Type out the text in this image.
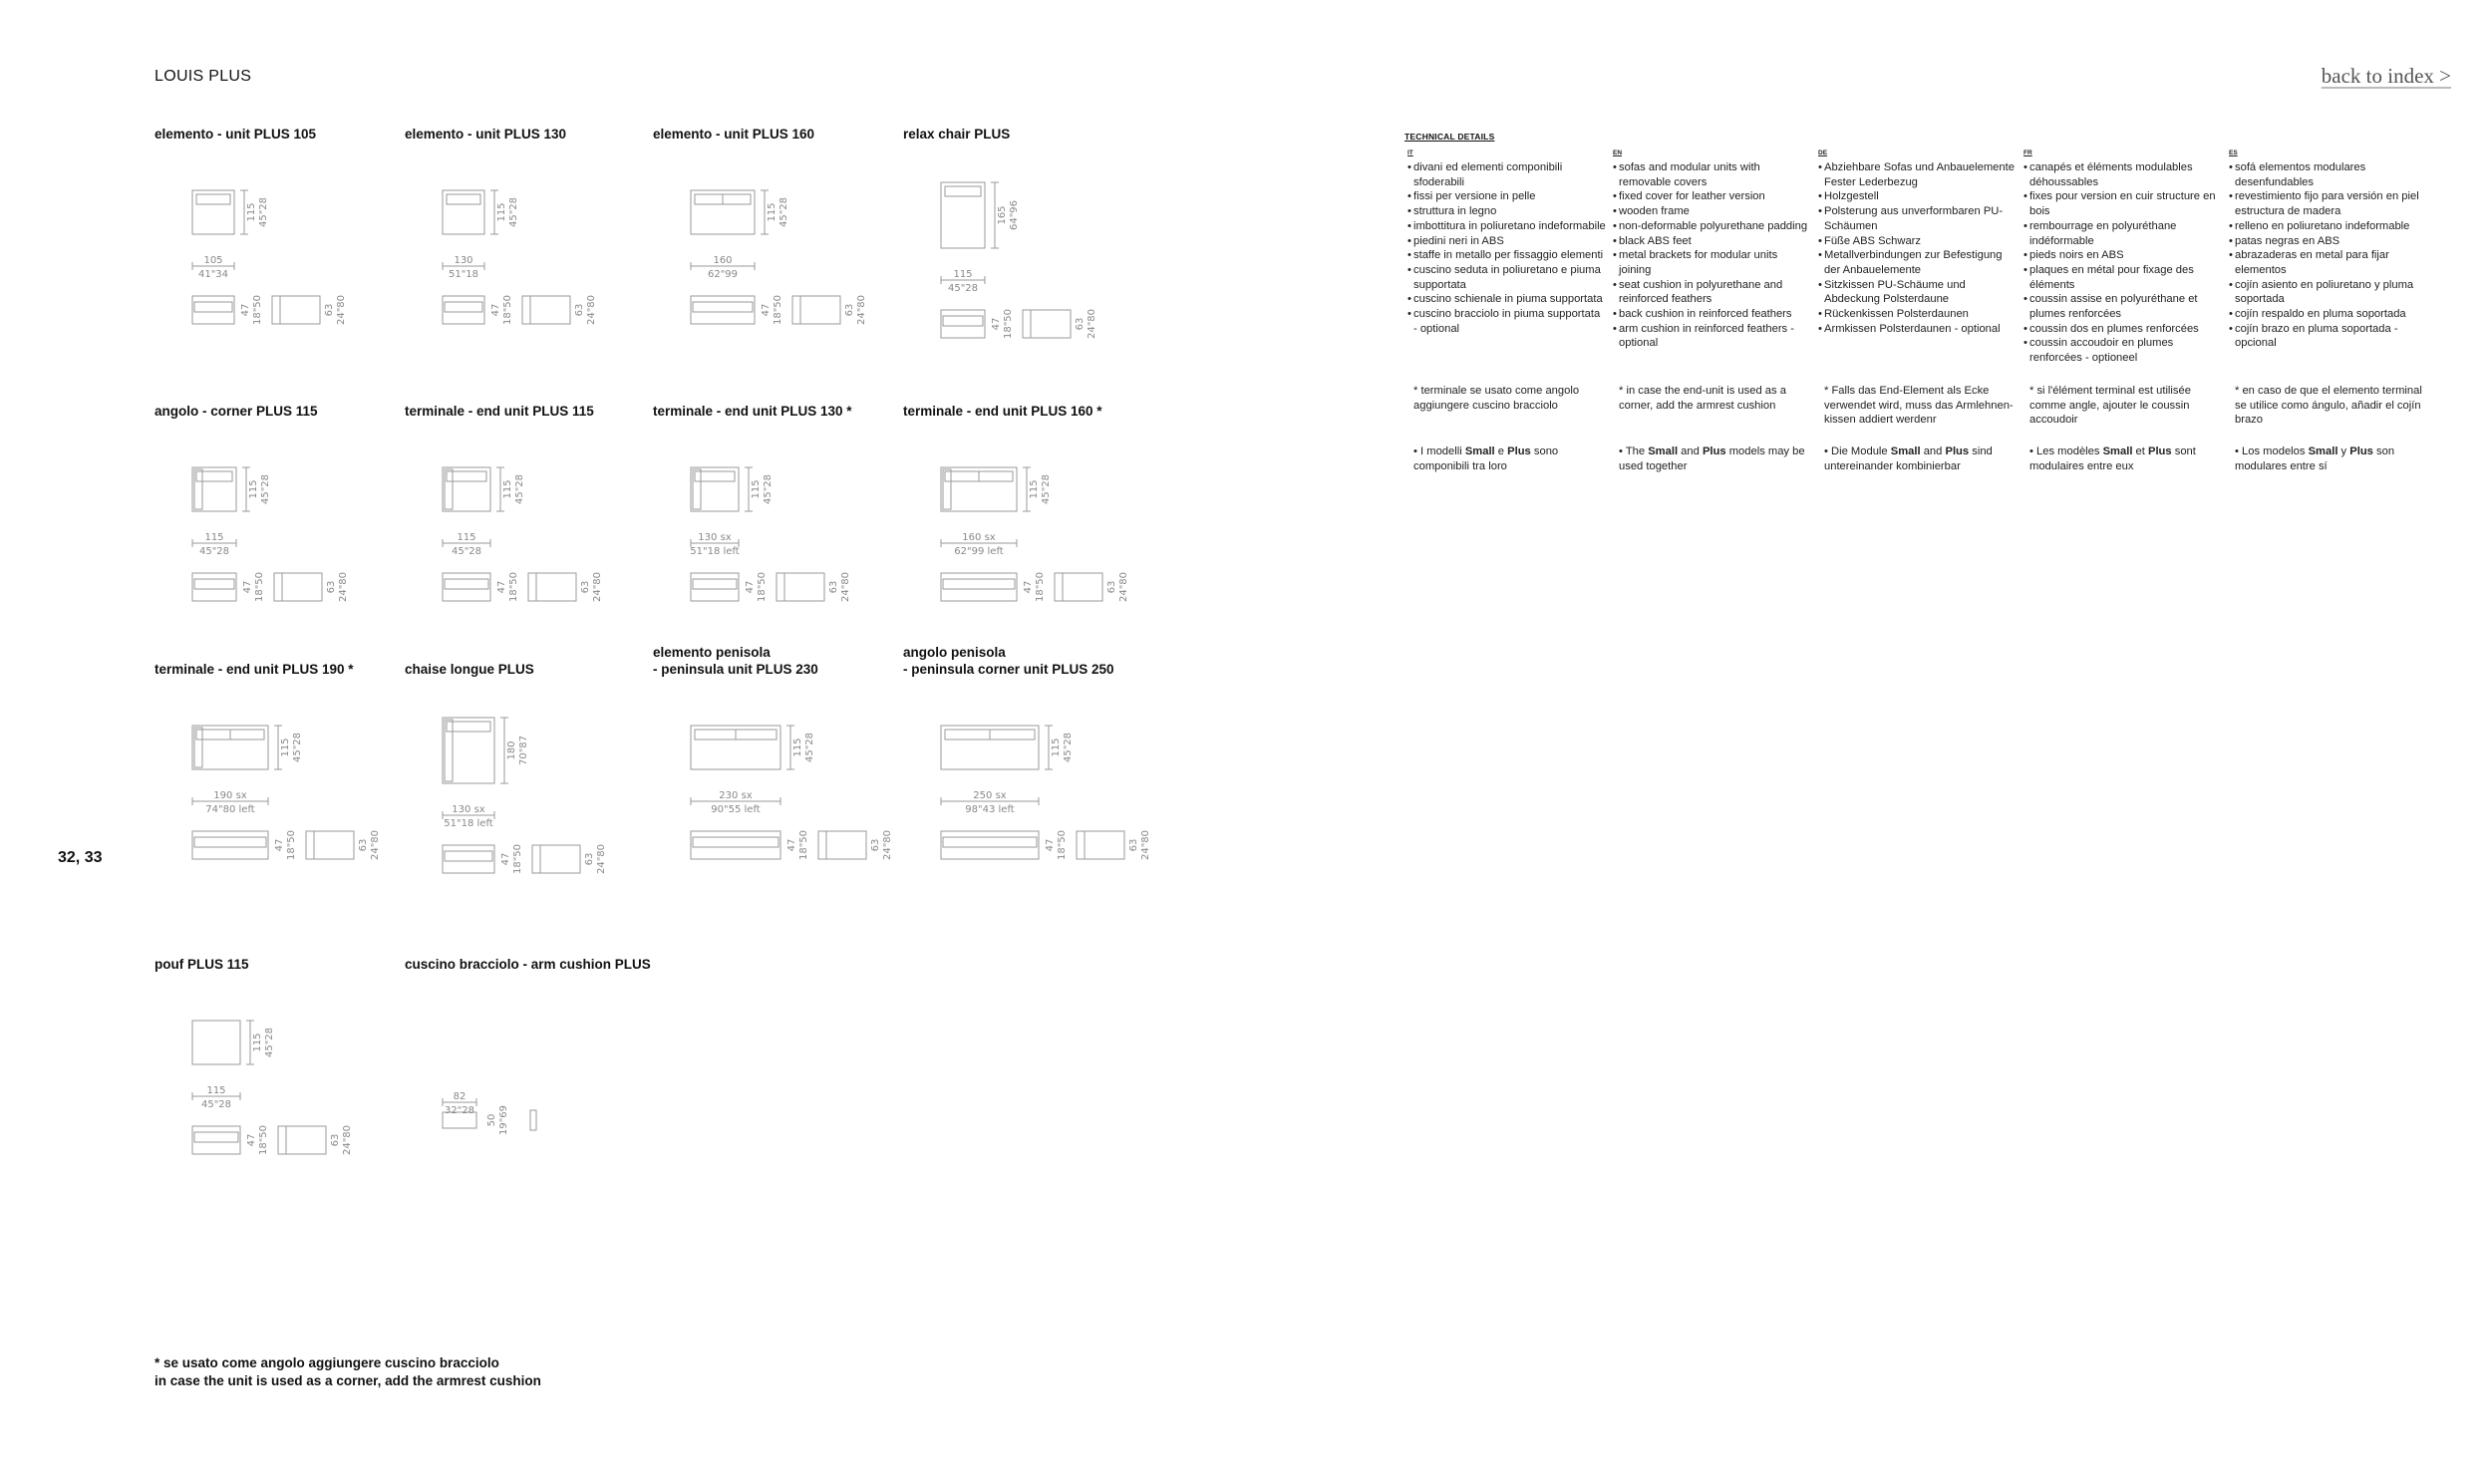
LOUIS PLUS	back to index >
32, 33
elemento - unit PLUS 105
115 45"28
105
41"34
47 18"50	63 24"80
elemento - unit PLUS 130
115 45"28
130
51"18
47 18"50	63 24"80
elemento - unit PLUS 160
115 45"28
160
62"99
47 18"50	63 24"80
relax chair PLUS
165 64"96
115
45"28
47 18"50	63 24"80
angolo - corner PLUS 115
115 45"28
115
45"28
47 18"50	63 24"80
terminale - end unit PLUS 115
115 45"28
115
45"28
47 18"50	63 24"80
terminale - end unit PLUS 130 *
115 45"28
130 sx
51"18 left
47 18"50	63 24"80
terminale - end unit PLUS 160 *
115 45"28
160 sx
62"99 left
47 18"50	63 24"80
terminale - end unit PLUS 190 *
115 45"28
190 sx
74"80 left
47 18"50	63 24"80
chaise longue PLUS
180 70"87
130 sx
51"18 left
47 18"50	63 24"80
elemento penisola
- peninsula unit PLUS 230
115 45"28
230 sx
90"55 left
47 18"50	63 24"80
angolo penisola
- peninsula corner unit PLUS 250
115 45"28
250 sx
98"43 left
47 18"50	63 24"80
pouf PLUS 115
115 45"28
115
45"28
47 18"50	63 24"80
cuscino bracciolo - arm cushion PLUS
82
32"28
50 19"69
* se usato come angolo aggiungere cuscino bracciolo
in case the unit is used as a corner, add the armrest cushion
TECHNICAL DETAILS
IT
• divani ed elementi componibili sfoderabili
• fissi per versione in pelle
• struttura in legno
• imbottitura in poliuretano indeformabile
• piedini neri in ABS
• staffe in metallo per fissaggio elementi
• cuscino seduta in poliuretano e piuma supportata
• cuscino schienale in piuma supportata
• cuscino bracciolo in piuma supportata - optional
* terminale se usato come angolo aggiungere cuscino bracciolo
• I modelli Small e Plus sono componibili tra loro
EN
• sofas and modular units with removable covers
• fixed cover for leather version
• wooden frame
• non-deformable polyurethane padding
• black ABS feet
• metal brackets for modular units joining
• seat cushion in polyurethane and reinforced feathers
• back cushion in reinforced feathers
• arm cushion in reinforced feathers - optional
* in case the end-unit is used as a corner, add the armrest cushion
• The Small and Plus models may be used together
DE
• Abziehbare Sofas und Anbauelemente Fester Lederbezug
• Holzgestell
• Polsterung aus unverformbaren PU-Schäumen
• Füße ABS Schwarz
• Metallverbindungen zur Befestigung der Anbauelemente
• Sitzkissen PU-Schäume und Abdeckung Polsterdaune
• Rückenkissen Polsterdaunen
• Armkissen Polsterdaunen - optional
* Falls das End-Element als Ecke verwendet wird, muss das Armlehnen-kissen addiert werdenr
• Die Module Small and Plus sind untereinander kombinierbar
FR
• canapés et éléments modulables déhoussables
• fixes pour version en cuir structure en bois
• rembourrage en polyuréthane indéformable
• pieds noirs en ABS
• plaques en métal pour fixage des éléments
• coussin assise en polyuréthane et plumes renforcées
• coussin dos en plumes renforcées
• coussin accoudoir en plumes renforcées - optioneel
* si l'élément terminal est utilisée comme angle, ajouter le coussin accoudoir
• Les modèles Small et Plus sont modulaires entre eux
ES
• sofá elementos modulares desenfundables
• revestimiento fijo para versión en piel estructura de madera
• relleno en poliuretano indeformable
• patas negras en ABS
• abrazaderas en metal para fijar elementos
• cojín asiento en poliuretano y pluma soportada
• cojín respaldo en pluma soportada
• cojín brazo en pluma soportada - opcional
* en caso de que el elemento terminal se utilice como ángulo, añadir el cojín brazo
• Los modelos Small y Plus son modulares entre sí
